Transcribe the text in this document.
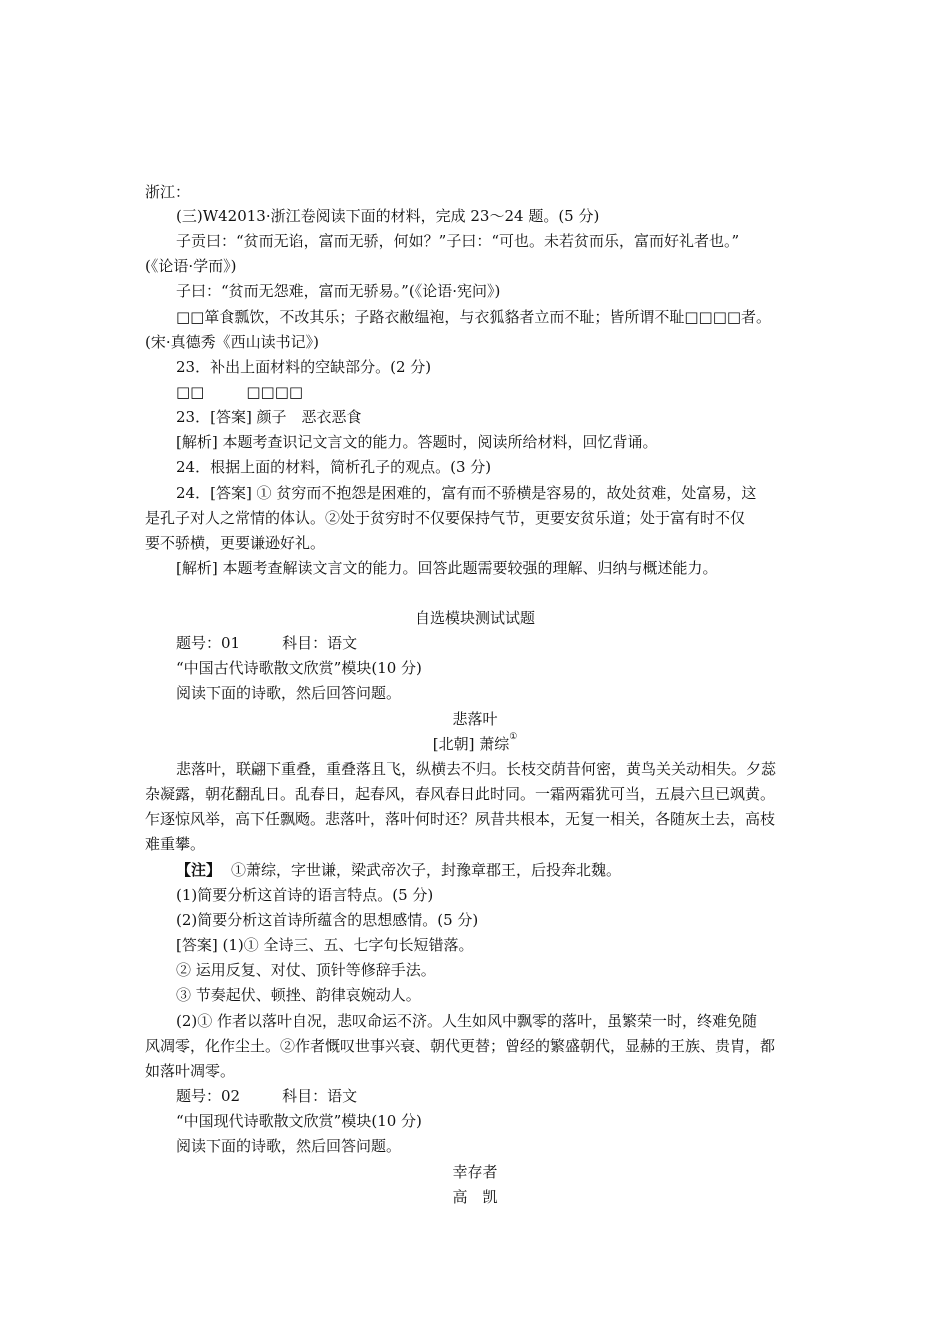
浙江：
(三)W42013·浙江卷阅读下面的材料，完成 23～24 题。(5 分)
子贡曰：“贫而无谄，富而无骄，何如？”子曰：“可也。未若贫而乐，富而好礼者也。”
(《论语·学而》)
子曰：“贫而无怨难，富而无骄易。”(《论语·宪问》)
□□箪食瓢饮，不改其乐；子路衣敝缊袍，与衣狐貉者立而不耻；皆所谓不耻□□□□者。
(宋·真德秀《西山读书记》)
23．补出上面材料的空缺部分。(2 分)
□□	□□□□
23．[答案] 颜子　恶衣恶食
[解析] 本题考查识记文言文的能力。答题时，阅读所给材料，回忆背诵。
24．根据上面的材料，简析孔子的观点。(3 分)
24．[答案] ① 贫穷而不抱怨是困难的，富有而不骄横是容易的，故处贫难，处富易，这
是孔子对人之常情的体认。②处于贫穷时不仅要保持气节，更要安贫乐道；处于富有时不仅
要不骄横，更要谦逊好礼。
[解析] 本题考查解读文言文的能力。回答此题需要较强的理解、归纳与概述能力。
自选模块测试试题
题号：01	科目：语文
“中国古代诗歌散文欣赏”模块(10 分)
阅读下面的诗歌，然后回答问题。
悲落叶
[北朝] 萧综①
悲落叶，联翩下重叠，重叠落且飞，纵横去不归。长枝交荫昔何密，黄鸟关关动相失。夕蕊
杂凝露，朝花翻乱日。乱春日，起春风，春风春日此时同。一霜两霜犹可当，五晨六旦已飒黄。
乍逐惊风举，高下任飘飏。悲落叶，落叶何时还？夙昔共根本，无复一相关，各随灰土去，高枝
难重攀。
【注】 ①萧综，字世谦，梁武帝次子，封豫章郡王，后投奔北魏。
(1)简要分析这首诗的语言特点。(5 分)
(2)简要分析这首诗所蕴含的思想感情。(5 分)
[答案] (1)① 全诗三、五、七字句长短错落。
② 运用反复、对仗、顶针等修辞手法。
③ 节奏起伏、顿挫、韵律哀婉动人。
(2)① 作者以落叶自况，悲叹命运不济。人生如风中飘零的落叶，虽繁荣一时，终难免随
风凋零，化作尘土。②作者慨叹世事兴衰、朝代更替；曾经的繁盛朝代，显赫的王族、贵胄，都
如落叶凋零。
题号：02	科目：语文
“中国现代诗歌散文欣赏”模块(10 分)
阅读下面的诗歌，然后回答问题。
幸存者
高　凯
